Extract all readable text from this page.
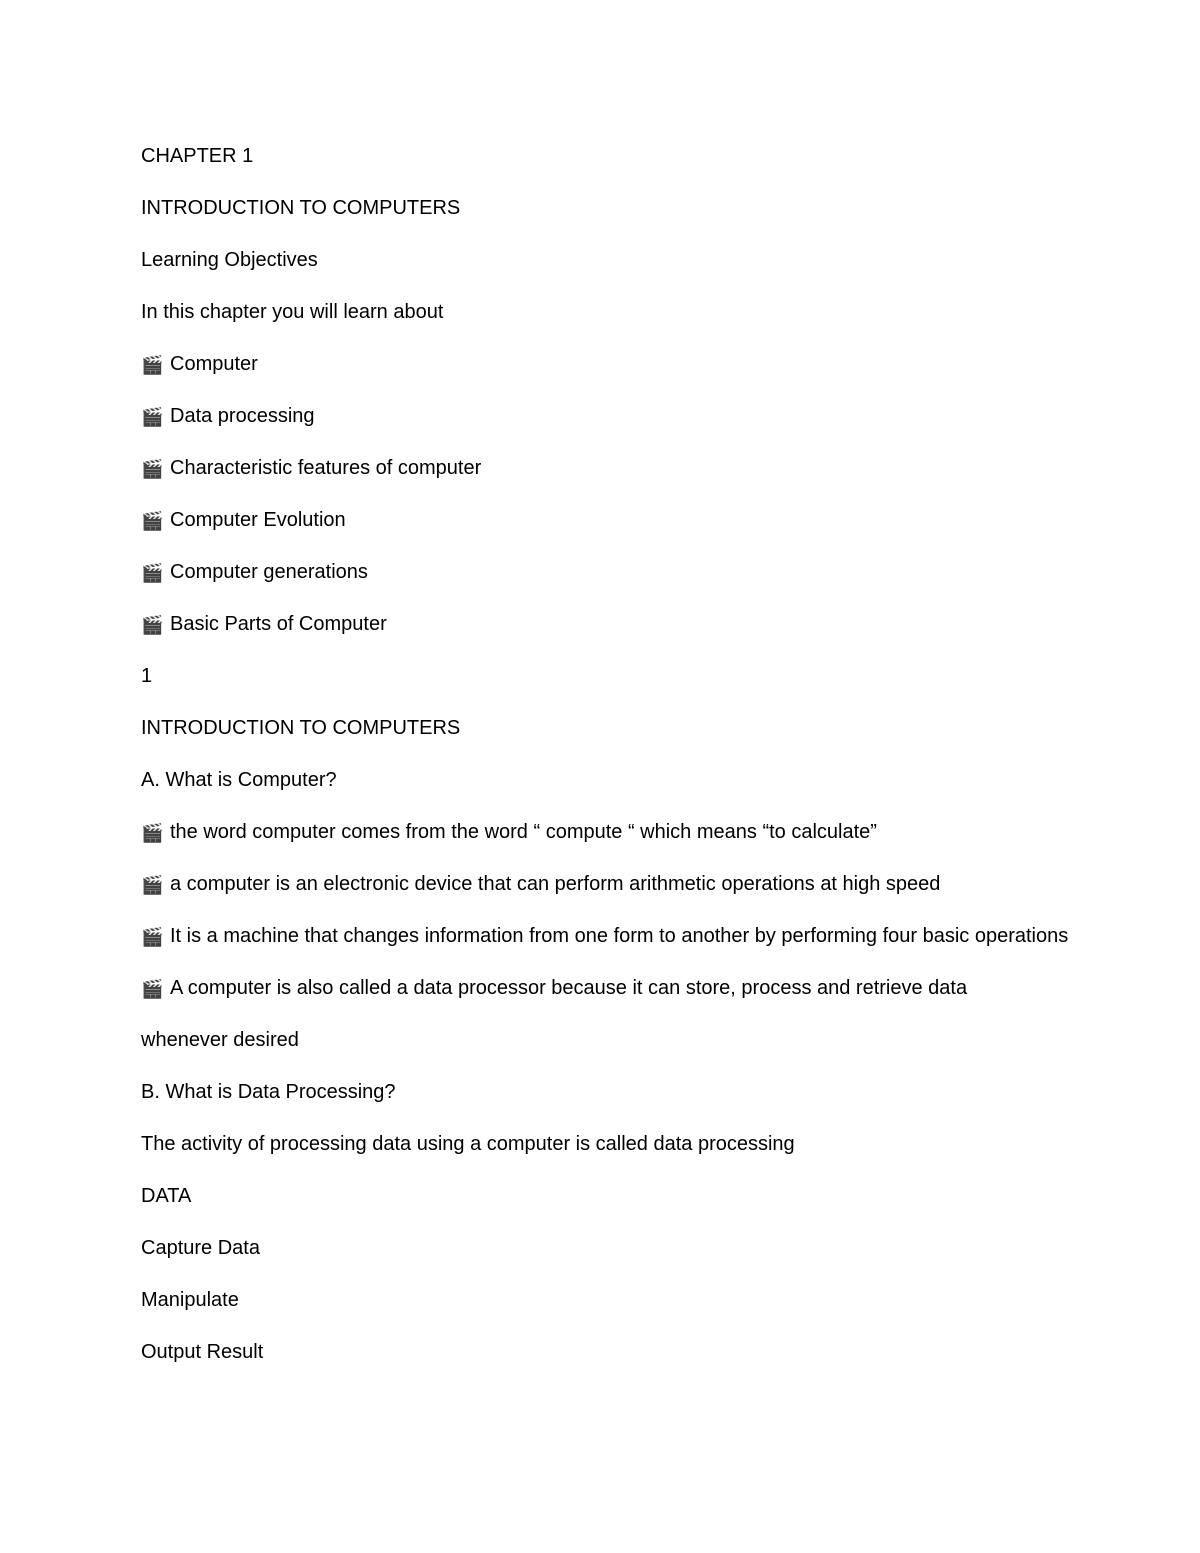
CHAPTER 1
INTRODUCTION TO COMPUTERS
Learning Objectives
In this chapter you will learn about
🎬 Computer
🎬 Data processing
🎬 Characteristic features of computer
🎬 Computer Evolution
🎬 Computer generations
🎬 Basic Parts of Computer
1
INTRODUCTION TO COMPUTERS
A. What is Computer?
🎬 the word computer comes from the word “ compute “ which means “to calculate”
🎬 a computer is an electronic device that can perform arithmetic operations at high speed
🎬 It is a machine that changes information from one form to another by performing four basic operations
🎬 A computer is also called a data processor because it can store, process and retrieve data
whenever desired
B. What is Data Processing?
The activity of processing data using a computer is called data processing
DATA
Capture Data
Manipulate
Output Result
